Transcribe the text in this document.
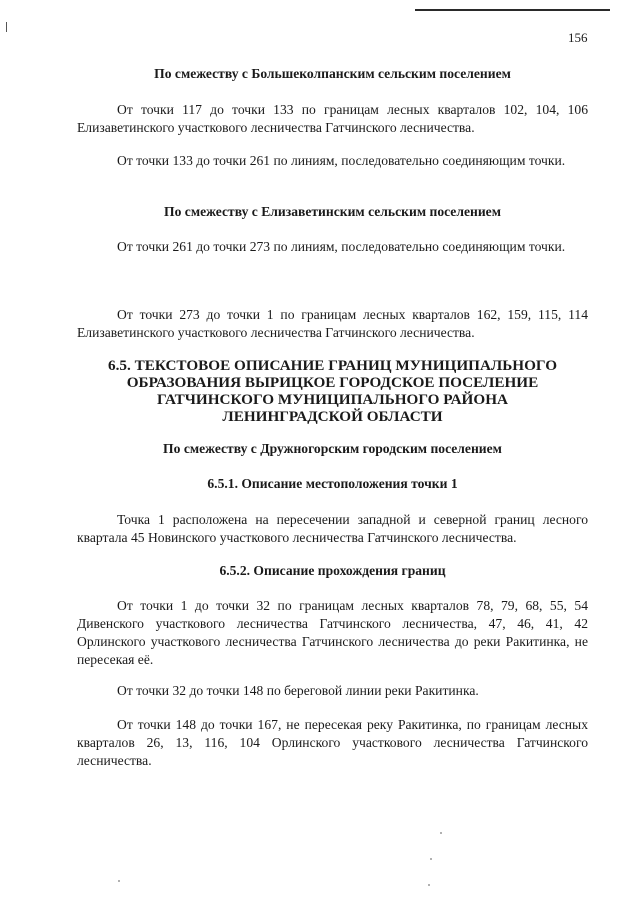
156
По смежеству с Большеколпанским сельским поселением

От точки 117 до точки 133 по границам лесных кварталов 102, 104, 106 Елизаветинского участкового лесничества Гатчинского лесничества.

От точки 133 до точки 261 по линиям, последовательно соединяющим точки.

По смежеству с Елизаветинским сельским поселением

От точки 261 до точки 273 по линиям, последовательно соединяющим точки.

От точки 273 до точки 1 по границам лесных кварталов 162, 159, 115, 114 Елизаветинского участкового лесничества Гатчинского лесничества.

6.5. ТЕКСТОВОЕ ОПИСАНИЕ ГРАНИЦ МУНИЦИПАЛЬНОГО
ОБРАЗОВАНИЯ ВЫРИЦКОЕ ГОРОДСКОЕ ПОСЕЛЕНИЕ
ГАТЧИНСКОГО МУНИЦИПАЛЬНОГО РАЙОНА
ЛЕНИНГРАДСКОЙ ОБЛАСТИ
По смежеству с Дружногорским городским поселением
6.5.1. Описание местоположения точки 1

Точка 1 расположена на пересечении западной и северной границ лесного квартала 45 Новинского участкового лесничества Гатчинского лесничества.

6.5.2. Описание прохождения границ

От точки 1 до точки 32 по границам лесных кварталов 78, 79, 68, 55, 54 Дивенского участкового лесничества Гатчинского лесничества, 47, 46, 41, 42 Орлинского участкового лесничества Гатчинского лесничества до реки Ракитинка, не пересекая её.

От точки 32 до точки 148 по береговой линии реки Ракитинка.

От точки 148 до точки 167, не пересекая реку Ракитинка, по границам лесных кварталов 26, 13, 116, 104 Орлинского участкового лесничества Гатчинского лесничества.
